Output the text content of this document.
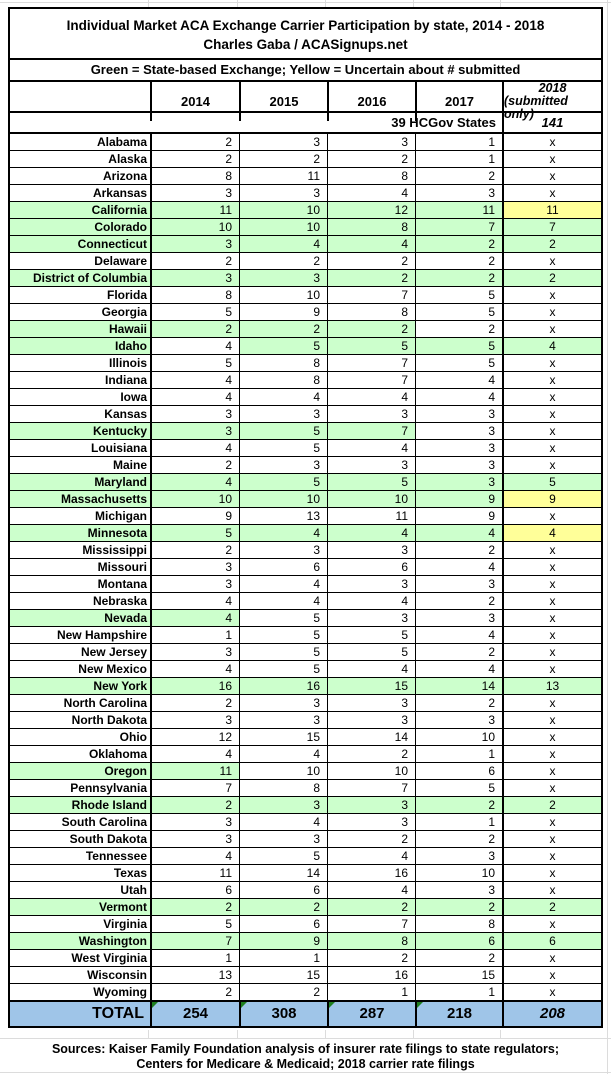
Individual Market ACA Exchange Carrier Participation by state, 2014 - 2018
Charles Gaba / ACASignups.net
Green = State-based Exchange; Yellow = Uncertain about # submitted
2014	2015	2016	2017
2018
(submitted only)
39 HCGov States	141
Alabama	2	3	3	1	x
Alaska	2	2	2	1	x
Arizona	8	11	8	2	x
Arkansas	3	3	4	3	x
California	11	10	12	11	11
Colorado	10	10	8	7	7
Connecticut	3	4	4	2	2
Delaware	2	2	2	2	x
District of Columbia	3	3	2	2	2
Florida	8	10	7	5	x
Georgia	5	9	8	5	x
Hawaii	2	2	2	2	x
Idaho	4	5	5	5	4
Illinois	5	8	7	5	x
Indiana	4	8	7	4	x
Iowa	4	4	4	4	x
Kansas	3	3	3	3	x
Kentucky	3	5	7	3	x
Louisiana	4	5	4	3	x
Maine	2	3	3	3	x
Maryland	4	5	5	3	5
Massachusetts	10	10	10	9	9
Michigan	9	13	11	9	x
Minnesota	5	4	4	4	4
Mississippi	2	3	3	2	x
Missouri	3	6	6	4	x
Montana	3	4	3	3	x
Nebraska	4	4	4	2	x
Nevada	4	5	3	3	x
New Hampshire	1	5	5	4	x
New Jersey	3	5	5	2	x
New Mexico	4	5	4	4	x
New York	16	16	15	14	13
North Carolina	2	3	3	2	x
North Dakota	3	3	3	3	x
Ohio	12	15	14	10	x
Oklahoma	4	4	2	1	x
Oregon	11	10	10	6	x
Pennsylvania	7	8	7	5	x
Rhode Island	2	3	3	2	2
South Carolina	3	4	3	1	x
South Dakota	3	3	2	2	x
Tennessee	4	5	4	3	x
Texas	11	14	16	10	x
Utah	6	6	4	3	x
Vermont	2	2	2	2	2
Virginia	5	6	7	8	x
Washington	7	9	8	6	6
West Virginia	1	1	2	2	x
Wisconsin	13	15	16	15	x
Wyoming	2	2	1	1	x
TOTAL	254	308	287	218	208
Sources: Kaiser Family Foundation analysis of insurer rate filings to state regulators;
Centers for Medicare & Medicaid; 2018 carrier rate filings
